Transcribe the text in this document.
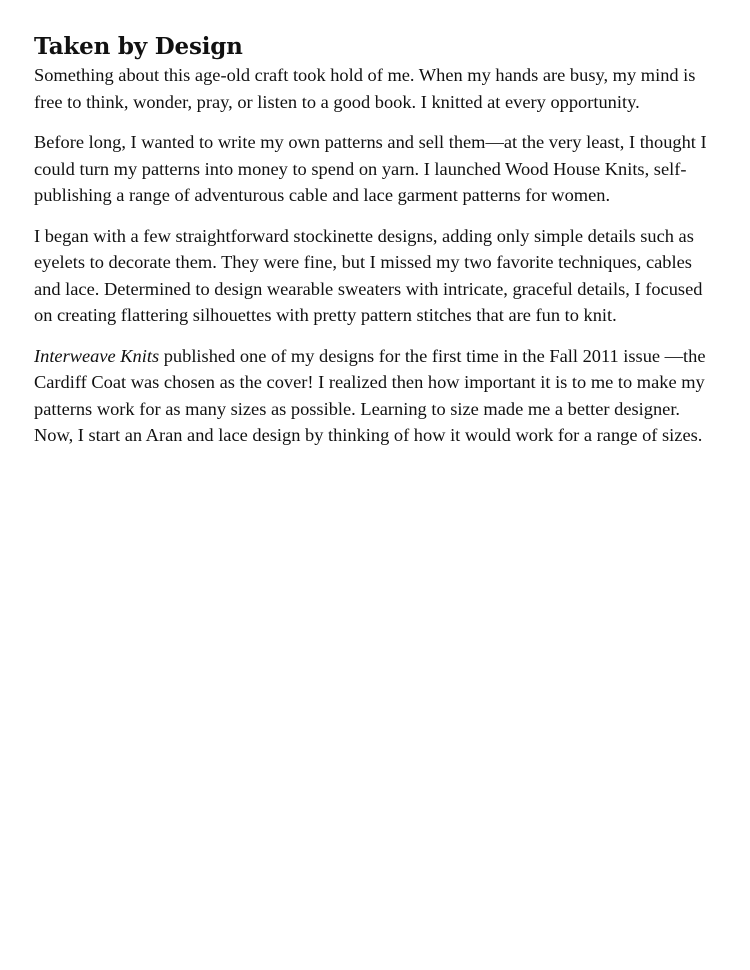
Taken by Design

Something about this age-old craft took hold of me. When my hands are busy, my mind is free to think, wonder, pray, or listen to a good book. I knitted at every opportunity.

Before long, I wanted to write my own patterns and sell them—at the very least, I thought I could turn my patterns into money to spend on yarn. I launched Wood House Knits, self-publishing a range of adventurous cable and lace garment patterns for women.

I began with a few straightforward stockinette designs, adding only simple details such as eyelets to decorate them. They were fine, but I missed my two favorite techniques, cables and lace. Determined to design wearable sweaters with intricate, graceful details, I focused on creating flattering silhouettes with pretty pattern stitches that are fun to knit.

Interweave Knits published one of my designs for the first time in the Fall 2011 issue —the Cardiff Coat was chosen as the cover! I realized then how important it is to me to make my patterns work for as many sizes as possible. Learning to size made me a better designer. Now, I start an Aran and lace design by thinking of how it would work for a range of sizes.
